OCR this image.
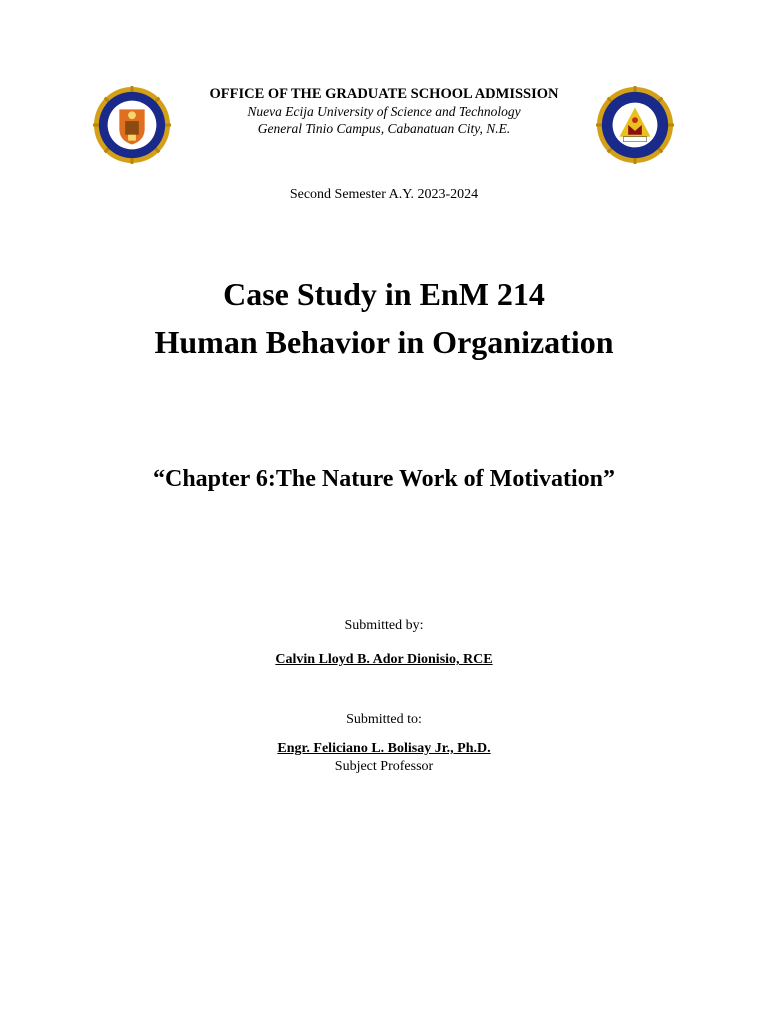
OFFICE OF THE GRADUATE SCHOOL ADMISSION
Nueva Ecija University of Science and Technology
General Tinio Campus, Cabanatuan City, N.E.
Second Semester A.Y. 2023-2024
Case Study in EnM 214
Human Behavior in Organization
“Chapter 6:The Nature Work of Motivation”
Submitted by:
Calvin Lloyd B. Ador Dionisio, RCE
Submitted to:
Engr. Feliciano L. Bolisay Jr., Ph.D.
Subject Professor
